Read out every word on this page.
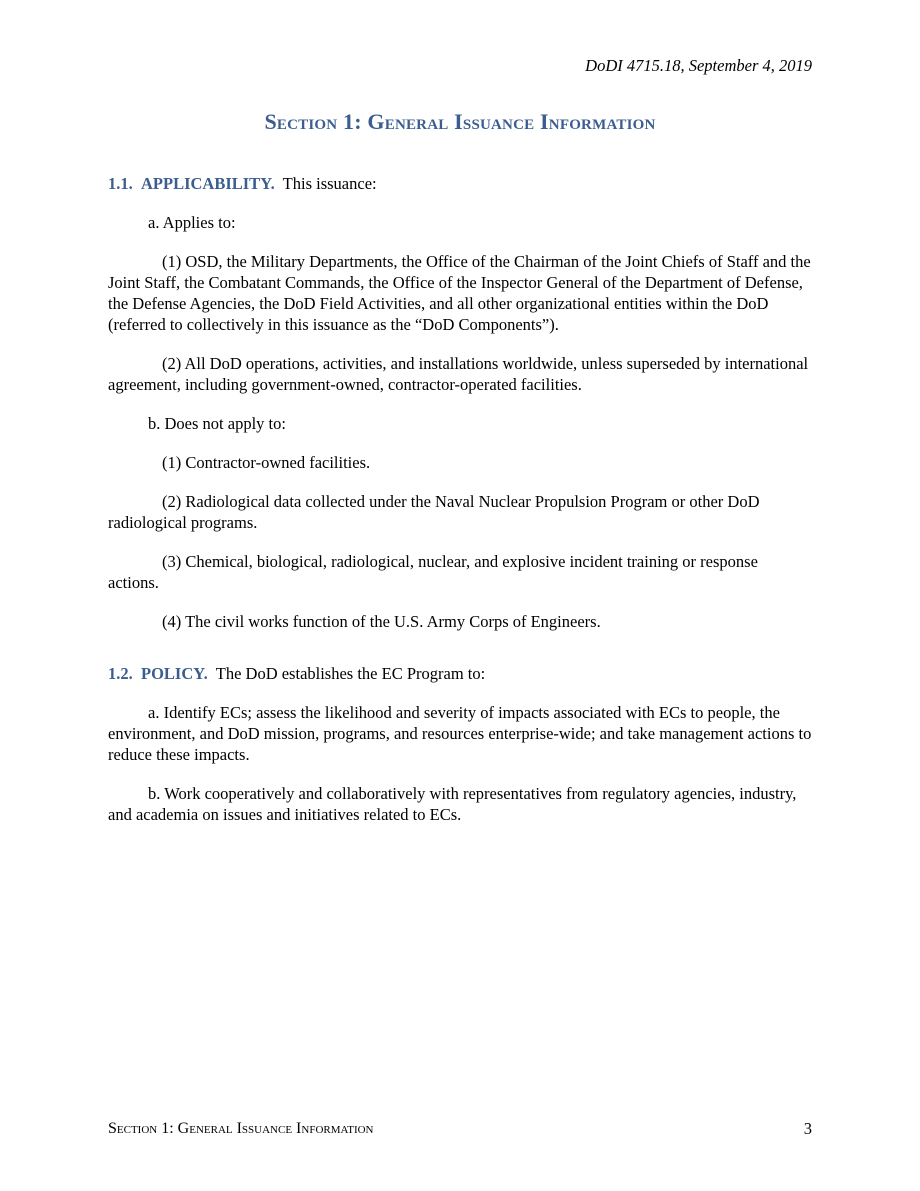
DoDI 4715.18, September 4, 2019
Section 1: General Issuance Information

1.1. APPLICABILITY. This issuance:

a. Applies to:

(1) OSD, the Military Departments, the Office of the Chairman of the Joint Chiefs of Staff and the Joint Staff, the Combatant Commands, the Office of the Inspector General of the Department of Defense, the Defense Agencies, the DoD Field Activities, and all other organizational entities within the DoD (referred to collectively in this issuance as the “DoD Components”).

(2) All DoD operations, activities, and installations worldwide, unless superseded by international agreement, including government-owned, contractor-operated facilities.

b. Does not apply to:

(1) Contractor-owned facilities.

(2) Radiological data collected under the Naval Nuclear Propulsion Program or other DoD radiological programs.

(3) Chemical, biological, radiological, nuclear, and explosive incident training or response actions.

(4) The civil works function of the U.S. Army Corps of Engineers.

1.2. POLICY. The DoD establishes the EC Program to:

a. Identify ECs; assess the likelihood and severity of impacts associated with ECs to people, the environment, and DoD mission, programs, and resources enterprise-wide; and take management actions to reduce these impacts.

b. Work cooperatively and collaboratively with representatives from regulatory agencies, industry, and academia on issues and initiatives related to ECs.

Section 1: General Issuance Information	3
